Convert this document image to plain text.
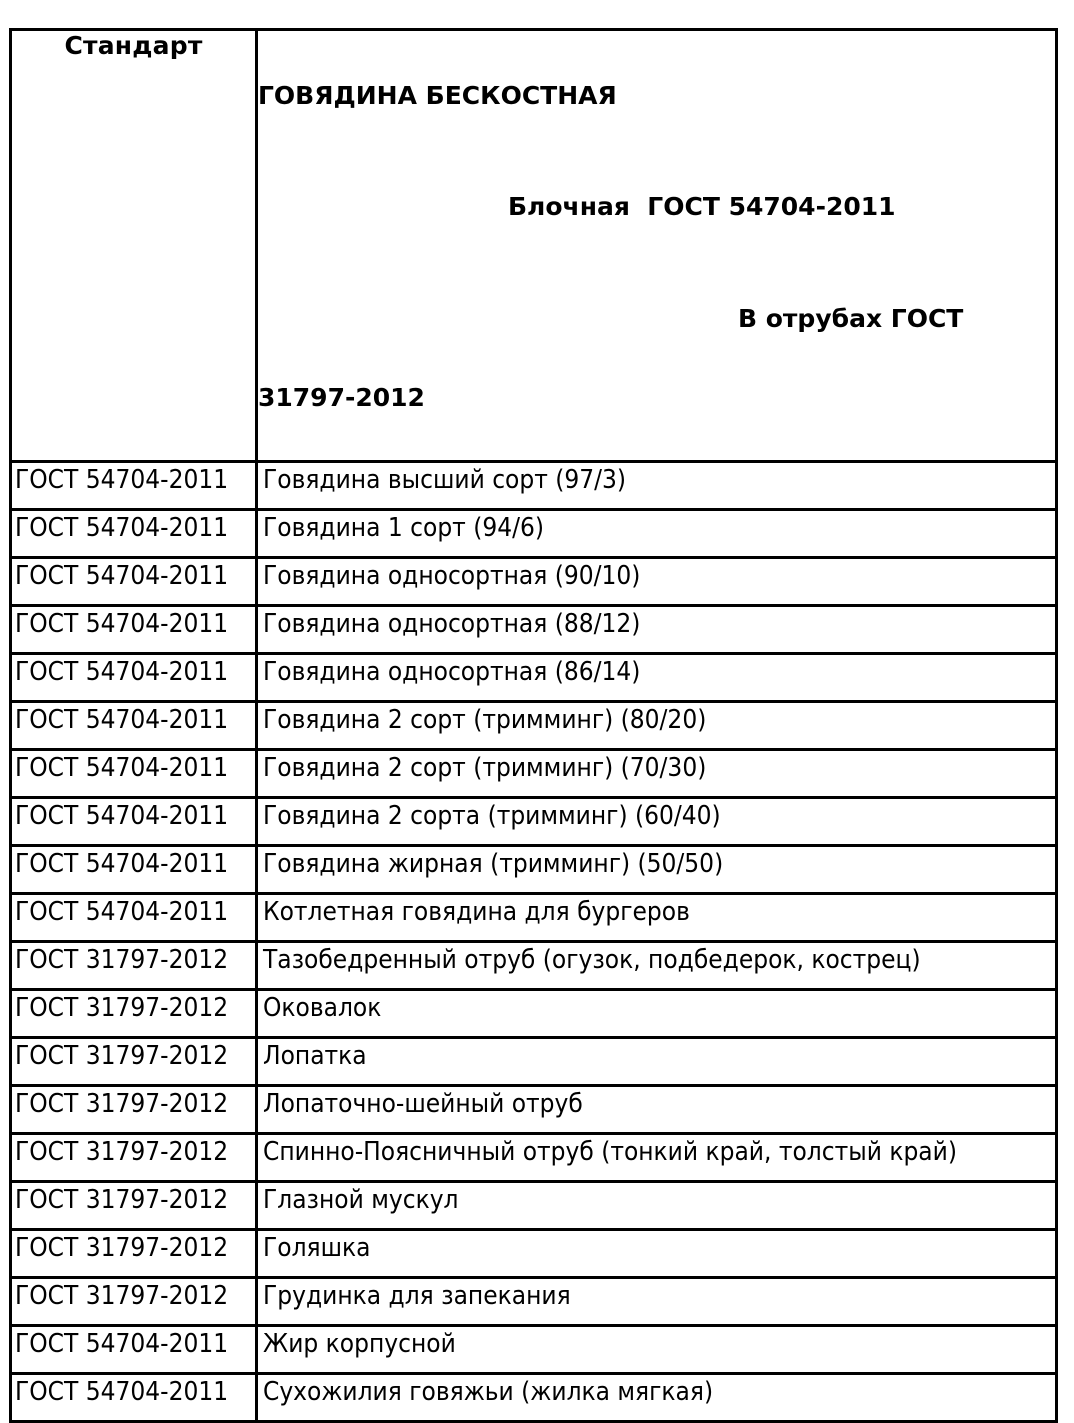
Стандарт	ГОВЯДИНА БЕСКОСТНАЯ

Блочная  ГОСТ 54704-2011

В отрубах ГОСТ

31797-2012

ГОСТ 54704-2011	Говядина высший сорт (97/3)

ГОСТ 54704-2011	Говядина 1 сорт (94/6)

ГОСТ 54704-2011	Говядина односортная (90/10)

ГОСТ 54704-2011	Говядина односортная (88/12)

ГОСТ 54704-2011	Говядина односортная (86/14)

ГОСТ 54704-2011	Говядина 2 сорт (тримминг) (80/20)

ГОСТ 54704-2011	Говядина 2 сорт (тримминг) (70/30)

ГОСТ 54704-2011	Говядина 2 сорта (тримминг) (60/40)

ГОСТ 54704-2011	Говядина жирная (тримминг) (50/50)

ГОСТ 54704-2011	Котлетная говядина для бургеров

ГОСТ 31797-2012	Тазобедренный отруб (огузок, подбедерок, кострец)

ГОСТ 31797-2012	Оковалок

ГОСТ 31797-2012	Лопатка

ГОСТ 31797-2012	Лопаточно-шейный отруб

ГОСТ 31797-2012	Спинно-Поясничный отруб (тонкий край, толстый край)

ГОСТ 31797-2012	Глазной мускул

ГОСТ 31797-2012	Голяшка

ГОСТ 31797-2012	Грудинка для запекания

ГОСТ 54704-2011	Жир корпусной

ГОСТ 54704-2011	Сухожилия говяжьи (жилка мягкая)
